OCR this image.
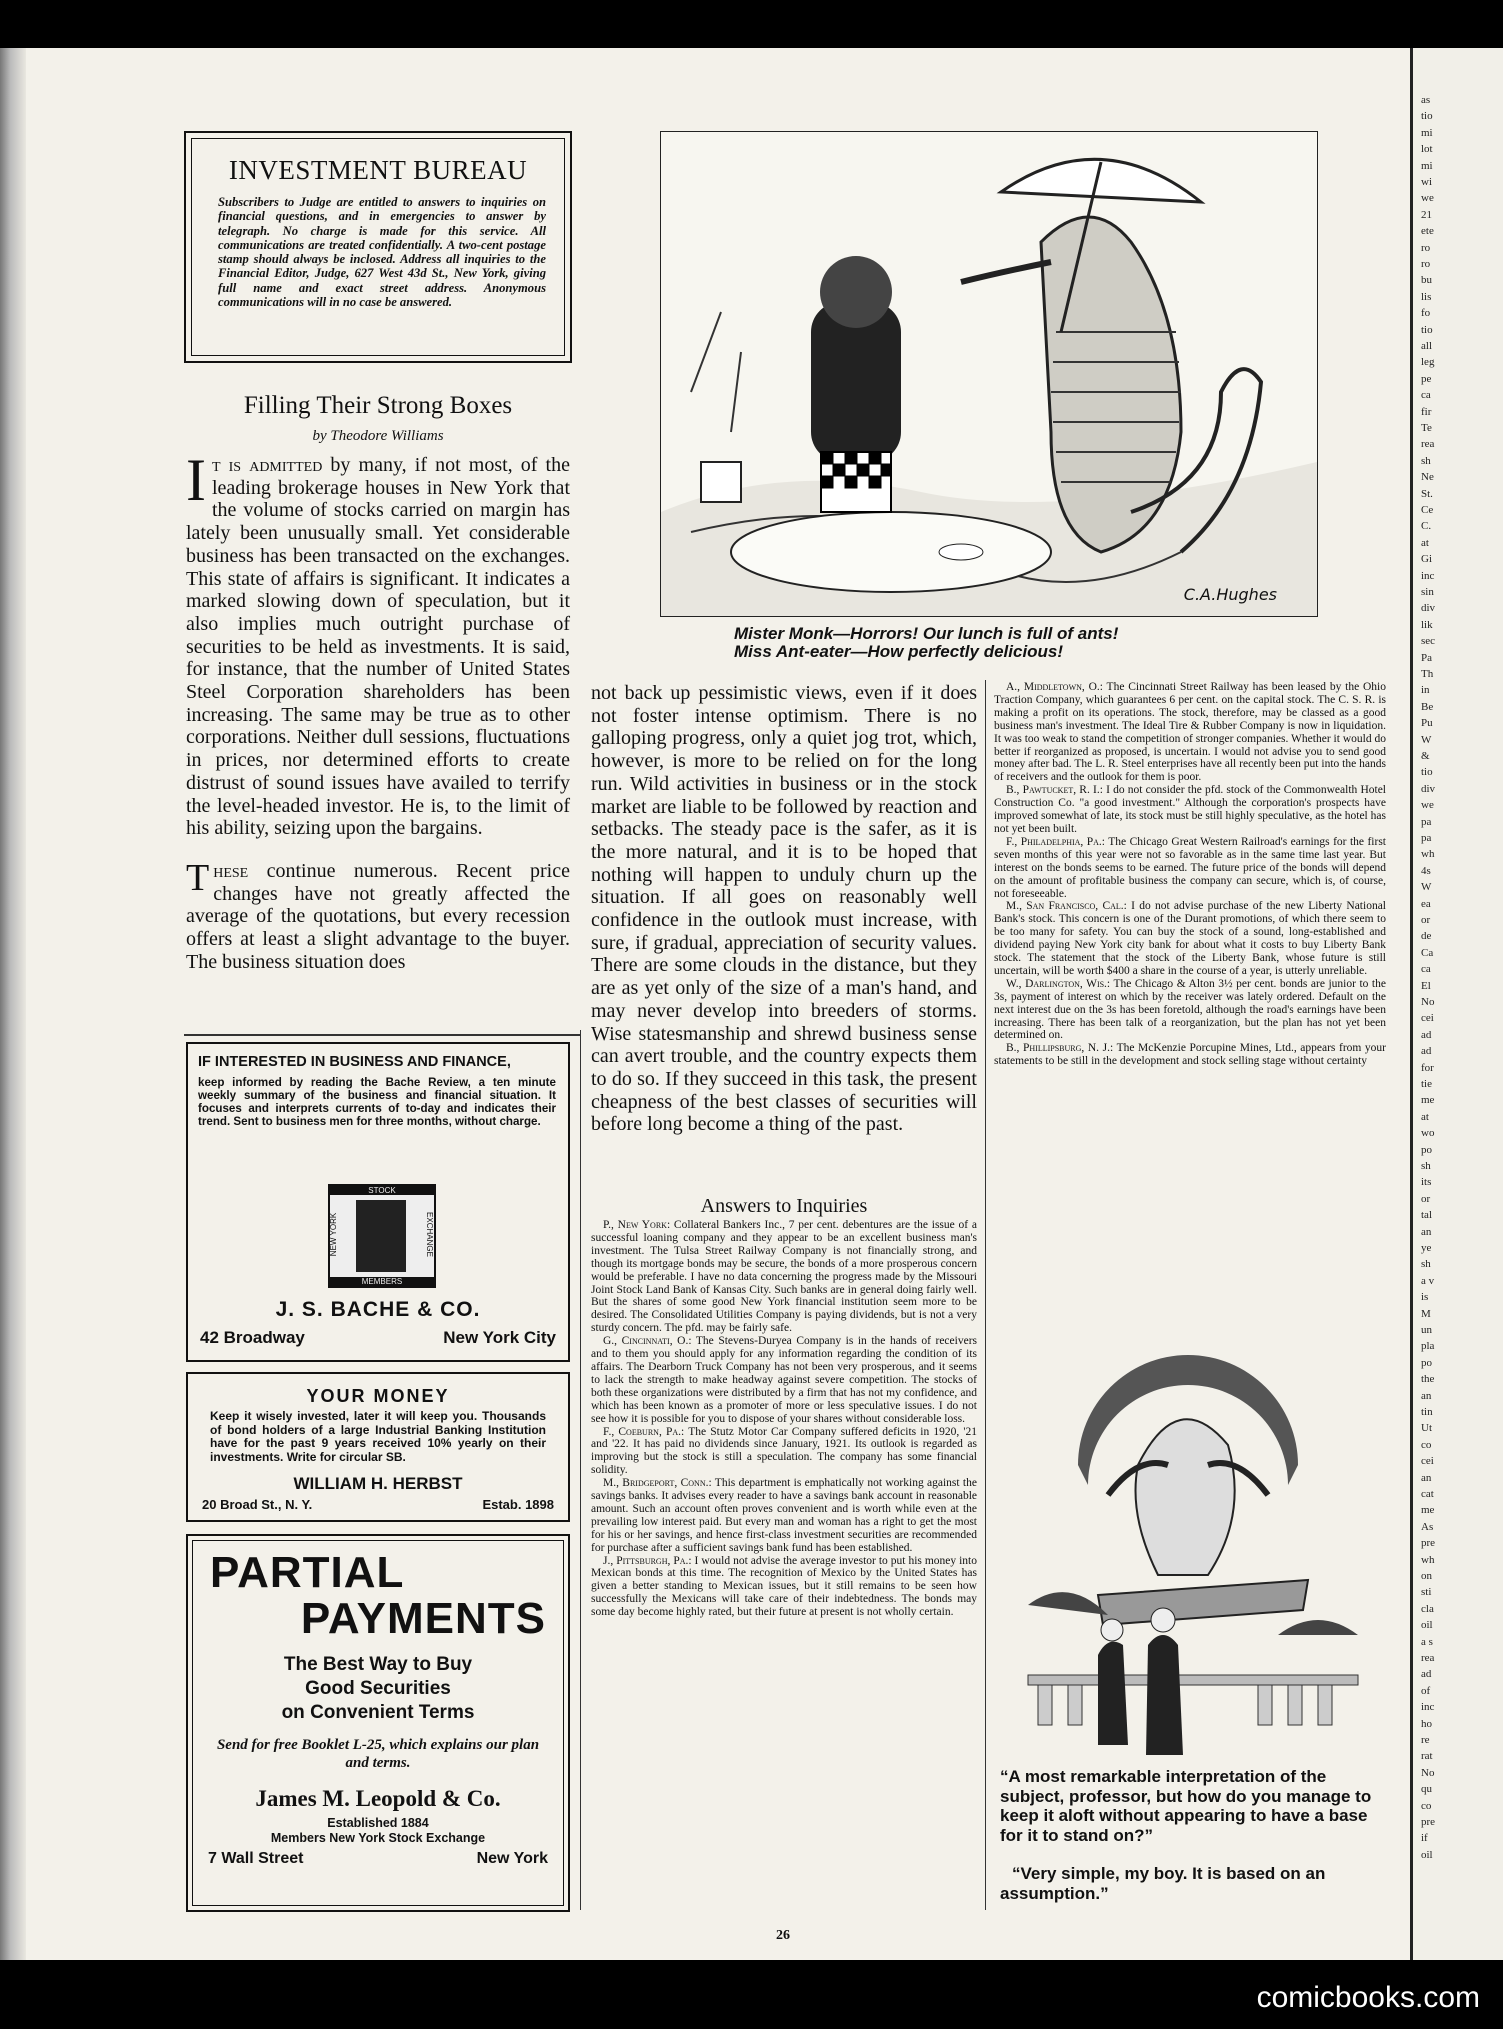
as
tio
mi
lot
mi
wi
we
21
ete
ro
ro
bu
lis
fo
tio
all
leg
pe
ca
fir
Te
rea
sh
Ne
St.
Ce
C.
at
Gi
inc
sin
div
lik
sec
Pa
Th
in
Be
Pu
W
&
tio
div
we
pa
pa
wh
4s
W
ea
or
de
Ca
ca
El
No
cei
ad
ad
for
tie
me
at
wo
po
sh
its
or
tal
an
ye
sh
a v
is
M
un
pla
po
the
an
tin
Ut
co
cei
an
cat
me
As
pre
wh
on
sti
cla
oil
a s
rea
ad
of
inc
ho
re
rat
No
qu
co
pre
if
oil
INVESTMENT BUREAU
Subscribers to Judge are entitled to answers to inquiries on financial questions, and in emergencies to answer by telegraph. No charge is made for this service. All communications are treated confidentially. A two-cent postage stamp should always be inclosed. Address all inquiries to the Financial Editor, Judge, 627 West 43d St., New York, giving full name and exact street address. Anonymous communications will in no case be answered.
Filling Their Strong Boxes
by Theodore Williams

It is admitted by many, if not most, of the leading brokerage houses in New York that the volume of stocks carried on margin has lately been unusually small. Yet considerable business has been transacted on the exchanges. This state of affairs is significant. It indicates a marked slowing down of speculation, but it also implies much outright purchase of securities to be held as investments. It is said, for instance, that the number of United States Steel Corporation shareholders has been increasing. The same may be true as to other corporations. Neither dull sessions, fluctuations in prices, nor determined efforts to create distrust of sound issues have availed to terrify the level-headed investor. He is, to the limit of his ability, seizing upon the bargains.

These continue numerous. Recent price changes have not greatly affected the average of the quotations, but every recession offers at least a slight advantage to the buyer. The business situation does

not back up pessimistic views, even if it does not foster intense optimism. There is no galloping progress, only a quiet jog trot, which, however, is more to be relied on for the long run. Wild activities in business or in the stock market are liable to be followed by reaction and setbacks. The steady pace is the safer, as it is the more natural, and it is to be hoped that nothing will happen to unduly churn up the situation. If all goes on reasonably well confidence in the outlook must increase, with sure, if gradual, appreciation of security values. There are some clouds in the distance, but they are as yet only of the size of a man's hand, and may never develop into breeders of storms. Wise statesmanship and shrewd business sense can avert trouble, and the country expects them to do so. If they succeed in this task, the present cheapness of the best classes of securities will before long become a thing of the past.
C.A.Hughes
Mister Monk—Horrors! Our lunch is full of ants!
Miss Ant-eater—How perfectly delicious!
Answers to Inquiries

P., New York: Collateral Bankers Inc., 7 per cent. debentures are the issue of a successful loaning company and they appear to be an excellent business man's investment. The Tulsa Street Railway Company is not financially strong, and though its mortgage bonds may be secure, the bonds of a more prosperous concern would be preferable. I have no data concerning the progress made by the Missouri Joint Stock Land Bank of Kansas City. Such banks are in general doing fairly well. But the shares of some good New York financial institution seem more to be desired. The Consolidated Utilities Company is paying dividends, but is not a very sturdy concern. The pfd. may be fairly safe.

G., Cincinnati, O.: The Stevens-Duryea Company is in the hands of receivers and to them you should apply for any information regarding the condition of its affairs. The Dearborn Truck Company has not been very prosperous, and it seems to lack the strength to make headway against severe competition. The stocks of both these organizations were distributed by a firm that has not my confidence, and which has been known as a promoter of more or less speculative issues. I do not see how it is possible for you to dispose of your shares without considerable loss.

F., Coeburn, Pa.: The Stutz Motor Car Company suffered deficits in 1920, '21 and '22. It has paid no dividends since January, 1921. Its outlook is regarded as improving but the stock is still a speculation. The company has some financial solidity.

M., Bridgeport, Conn.: This department is emphatically not working against the savings banks. It advises every reader to have a savings bank account in reasonable amount. Such an account often proves convenient and is worth while even at the prevailing low interest paid. But every man and woman has a right to get the most for his or her savings, and hence first-class investment securities are recommended for purchase after a sufficient savings bank fund has been established.

J., Pittsburgh, Pa.: I would not advise the average investor to put his money into Mexican bonds at this time. The recognition of Mexico by the United States has given a better standing to Mexican issues, but it still remains to be seen how successfully the Mexicans will take care of their indebtedness. The bonds may some day become highly rated, but their future at present is not wholly certain.

A., Middletown, O.: The Cincinnati Street Railway has been leased by the Ohio Traction Company, which guarantees 6 per cent. on the capital stock. The C. S. R. is making a profit on its operations. The stock, therefore, may be classed as a good business man's investment. The Ideal Tire & Rubber Company is now in liquidation. It was too weak to stand the competition of stronger companies. Whether it would do better if reorganized as proposed, is uncertain. I would not advise you to send good money after bad. The L. R. Steel enterprises have all recently been put into the hands of receivers and the outlook for them is poor.

B., Pawtucket, R. I.: I do not consider the pfd. stock of the Commonwealth Hotel Construction Co. "a good investment." Although the corporation's prospects have improved somewhat of late, its stock must be still highly speculative, as the hotel has not yet been built.

F., Philadelphia, Pa.: The Chicago Great Western Railroad's earnings for the first seven months of this year were not so favorable as in the same time last year. But interest on the bonds seems to be earned. The future price of the bonds will depend on the amount of profitable business the company can secure, which is, of course, not foreseeable.

M., San Francisco, Cal.: I do not advise purchase of the new Liberty National Bank's stock. This concern is one of the Durant promotions, of which there seem to be too many for safety. You can buy the stock of a sound, long-established and dividend paying New York city bank for about what it costs to buy Liberty Bank stock. The statement that the stock of the Liberty Bank, whose future is still uncertain, will be worth $400 a share in the course of a year, is utterly unreliable.

W., Darlington, Wis.: The Chicago & Alton 3½ per cent. bonds are junior to the 3s, payment of interest on which by the receiver was lately ordered. Default on the next interest due on the 3s has been foretold, although the road's earnings have been increasing. There has been talk of a reorganization, but the plan has not yet been determined on.

B., Phillipsburg, N. J.: The McKenzie Porcupine Mines, Ltd., appears from your statements to be still in the development and stock selling stage without certainty

“A most remarkable interpretation of the subject, professor, but how do you manage to keep it aloft without appearing to have a base for it to stand on?”
“Very simple, my boy. It is based on an assumption.”
IF INTERESTED IN BUSINESS AND FINANCE,
keep informed by reading the Bache Review, a ten minute weekly summary of the business and financial situation. It focuses and interprets currents of to-day and indicates their trend. Sent to business men for three months, without charge.
STOCK
NEW YORK	EXCHANGE
MEMBERS
J. S. BACHE & CO.
42 Broadway	New York City
YOUR MONEY
Keep it wisely invested, later it will keep you. Thousands of bond holders of a large Industrial Banking Institution have for the past 9 years received 10% yearly on their investments. Write for circular SB.
WILLIAM H. HERBST
20 Broad St., N. Y.	Estab. 1898
PARTIAL
PAYMENTS
The Best Way to Buy
Good Securities
on Convenient Terms
Send for free Booklet L-25, which explains our plan and terms.
James M. Leopold & Co.
Established 1884
Members New York Stock Exchange
7 Wall Street	New York
26
comicbooks.com
